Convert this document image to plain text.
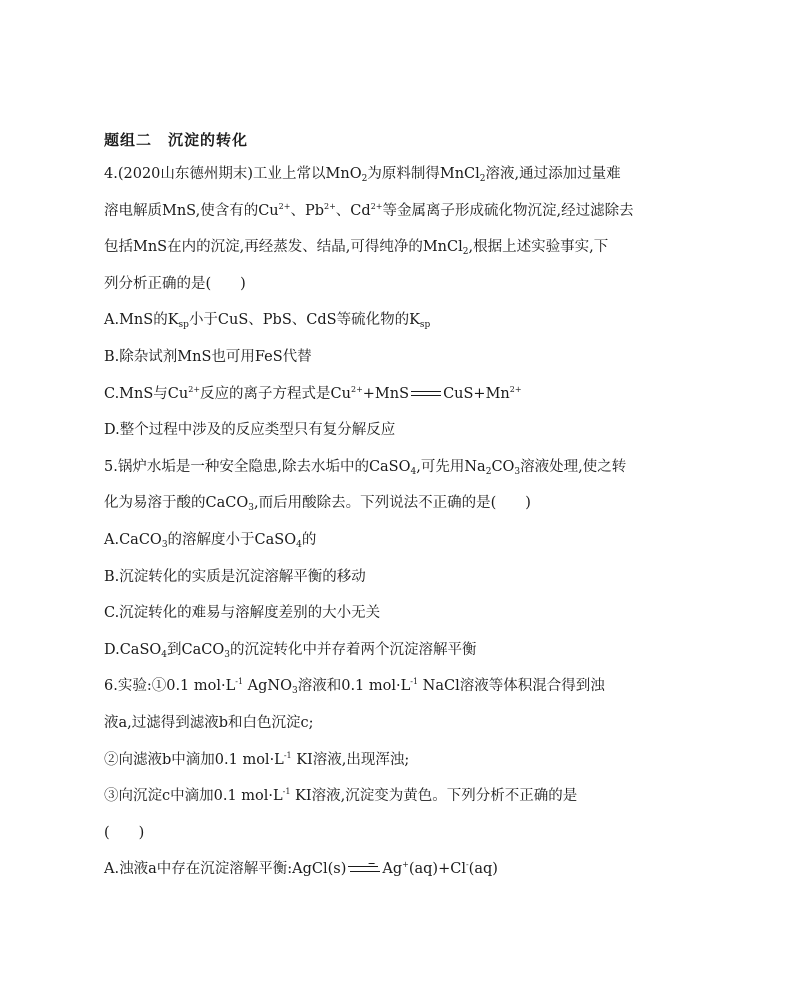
题组二 沉淀的转化
4.(2020山东德州期末)工业上常以MnO$_2$为原料制得MnCl$_2$溶液,通过添加过量难
溶电解质MnS,使含有的$Cu^{2+}$、$Pb^{2+}$、$Cd^{2+}$等金属离子形成硫化物沉淀,经过滤除去
包括MnS在内的沉淀,再经蒸发、结晶,可得纯净的MnCl$_2$,根据上述实验事实,下
列分析正确的是(　　)
A.MnS的$K_{sp}$小于CuS、PbS、CdS等硫化物的$K_{sp}$
B.除杂试剂MnS也可用FeS代替
C.MnS与$Cu^{2+}$反应的离子方程式是$Cu^{2+}+MnS$ $CuS+Mn^{2+}$
D.整个过程中涉及的反应类型只有复分解反应
5.锅炉水垢是一种安全隐患,除去水垢中的CaSO$_4$,可先用$Na_2CO_3$溶液处理,使之转
化为易溶于酸的CaCO$_3$,而后用酸除去。下列说法不正确的是(　　)
A.CaCO$_3$的溶解度小于CaSO$_4$的
B.沉淀转化的实质是沉淀溶解平衡的移动
C.沉淀转化的难易与溶解度差别的大小无关
D.CaSO$_4$到CaCO$_3$的沉淀转化中并存着两个沉淀溶解平衡
6.实验:①0.1 $mol\cdot L^{-1}$ AgNO$_3$溶液和0.1 $mol\cdot L^{-1}$ NaCl溶液等体积混合得到浊
液a,过滤得到滤液b和白色沉淀c;
②向滤液b中滴加0.1 $mol\cdot L^{-1}$ KI溶液,出现浑浊;
③向沉淀c中滴加0.1 $mol\cdot L^{-1}$ KI溶液,沉淀变为黄色。下列分析不正确的是
(　　)
A.浊液a中存在沉淀溶解平衡:AgCl(s) → Ag+(aq)+Cl-(aq)
